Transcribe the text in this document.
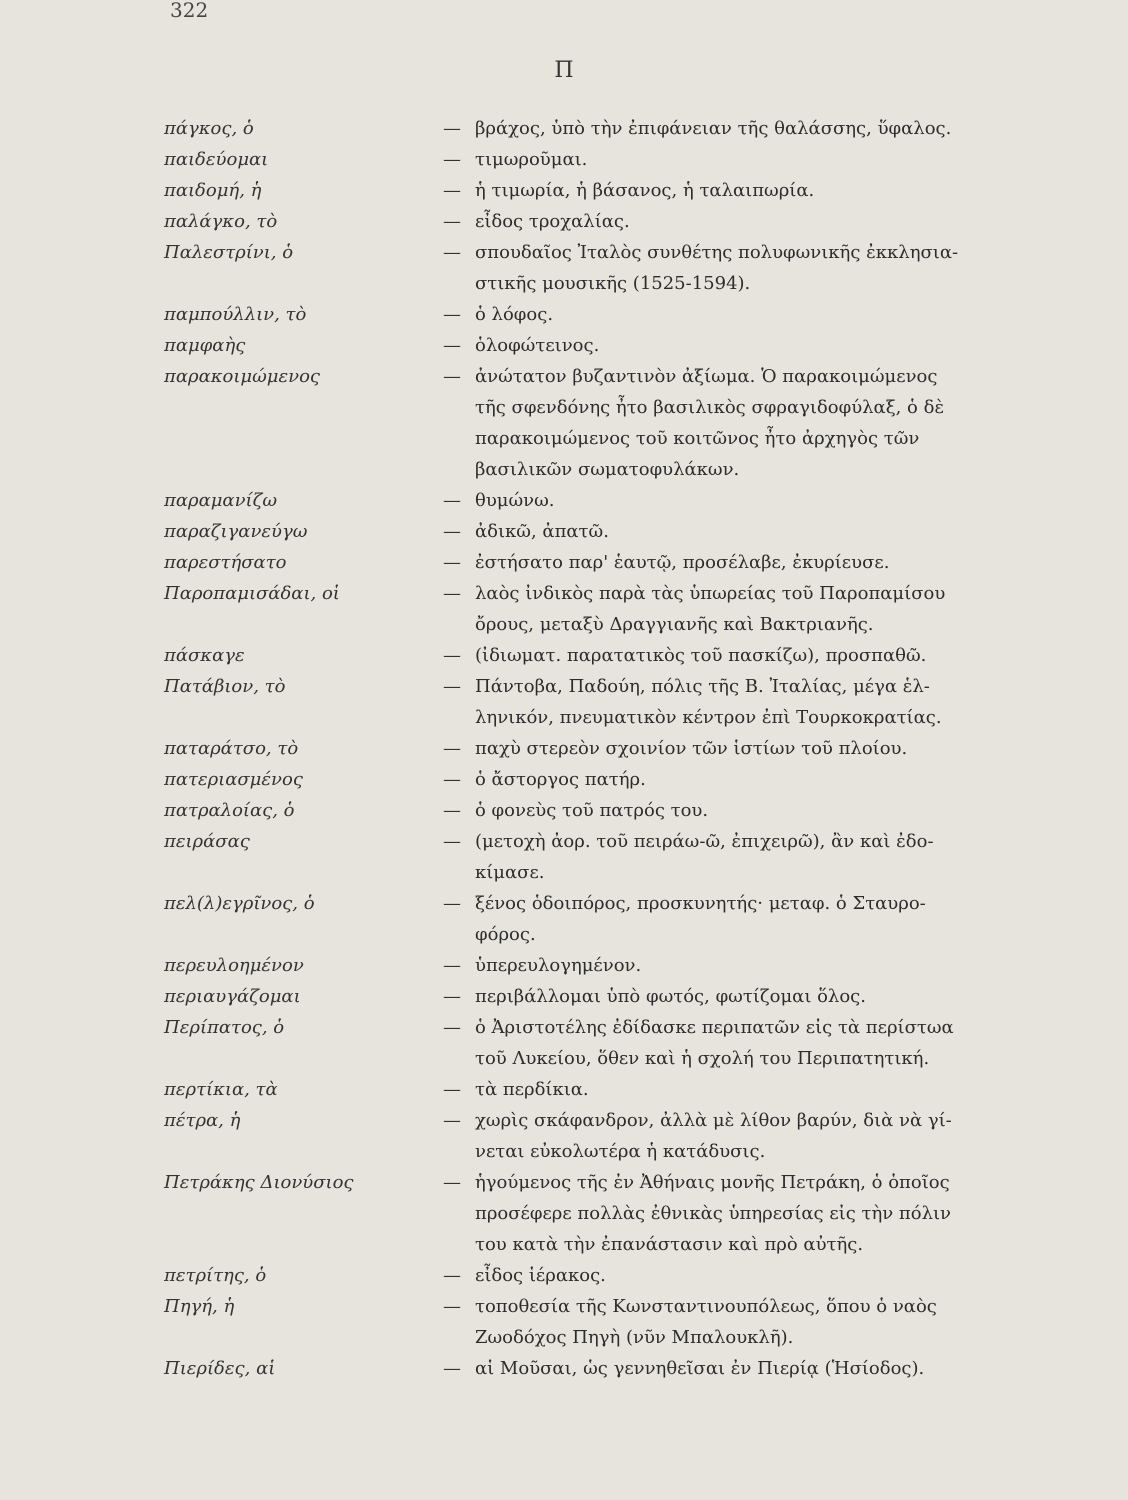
322
Π
πάγκος, ὁ	— βράχος, ὑπὸ τὴν ἐπιφάνειαν τῆς θαλάσσης, ὕφαλος.
παιδεύομαι	— τιμωροῦμαι.
παιδομή, ἡ	— ἡ τιμωρία, ἡ βάσανος, ἡ ταλαιπωρία.
παλάγκο, τὸ	— εἶδος τροχαλίας.
Παλεστρίνι, ὁ	— σπουδαῖος Ἰταλὸς συνθέτης πολυφωνικῆς ἐκκλησια-
στικῆς μουσικῆς (1525-1594).
παμπούλλιν, τὸ	— ὁ λόφος.
παμφαὴς	— ὁλοφώτεινος.
παρακοιμώμενος	— ἀνώτατον βυζαντινὸν ἀξίωμα. Ὁ παρακοιμώμενος
τῆς σφενδόνης ἦτο βασιλικὸς σφραγιδοφύλαξ, ὁ δὲ
παρακοιμώμενος τοῦ κοιτῶνος ἦτο ἀρχηγὸς τῶν
βασιλικῶν σωματοφυλάκων.
παραμανίζω	— θυμώνω.
παραζιγανεύγω	— ἀδικῶ, ἀπατῶ.
παρεστήσατο	— ἐστήσατο παρ' ἑαυτῷ, προσέλαβε, ἐκυρίευσε.
Παροπαμισάδαι, οἱ	— λαὸς ἰνδικὸς παρὰ τὰς ὑπωρείας τοῦ Παροπαμίσου
ὄρους, μεταξὺ Δραγγιανῆς καὶ Βακτριανῆς.
πάσκαγε	— (ἰδιωματ. παρατατικὸς τοῦ πασκίζω), προσπαθῶ.
Πατάβιον, τὸ	— Πάντοβα, Παδούη, πόλις τῆς Β. Ἰταλίας, μέγα ἑλ-
ληνικόν, πνευματικὸν κέντρον ἐπὶ Τουρκοκρατίας.
παταράτσο, τὸ	— παχὺ στερεὸν σχοινίον τῶν ἱστίων τοῦ πλοίου.
πατεριασμένος	— ὁ ἄστοργος πατήρ.
πατραλοίας, ὁ	— ὁ φονεὺς τοῦ πατρός του.
πειράσας	— (μετοχὴ ἀορ. τοῦ πειράω-ῶ, ἐπιχειρῶ), ἂν καὶ ἐδο-
κίμασε.
πελ(λ)εγρῖνος, ὁ	— ξένος ὁδοιπόρος, προσκυνητής· μεταφ. ὁ Σταυρο-
φόρος.
περευλοημένον	— ὑπερευλογημένον.
περιαυγάζομαι	— περιβάλλομαι ὑπὸ φωτός, φωτίζομαι ὅλος.
Περίπατος, ὁ	— ὁ Ἀριστοτέλης ἐδίδασκε περιπατῶν εἰς τὰ περίστωα
τοῦ Λυκείου, ὅθεν καὶ ἡ σχολή του Περιπατητική.
περτίκια, τὰ	— τὰ περδίκια.
πέτρα, ἡ	— χωρὶς σκάφανδρον, ἀλλὰ μὲ λίθον βαρύν, διὰ νὰ γί-
νεται εὐκολωτέρα ἡ κατάδυσις.
Πετράκης Διονύσιος	— ἡγούμενος τῆς ἐν Ἀθήναις μονῆς Πετράκη, ὁ ὁποῖος
προσέφερε πολλὰς ἐθνικὰς ὑπηρεσίας εἰς τὴν πόλιν
του κατὰ τὴν ἐπανάστασιν καὶ πρὸ αὐτῆς.
πετρίτης, ὁ	— εἶδος ἱέρακος.
Πηγή, ἡ	— τοποθεσία τῆς Κωνσταντινουπόλεως, ὅπου ὁ ναὸς
Ζωοδόχος Πηγὴ (νῦν Μπαλουκλῆ).
Πιερίδες, αἱ	— αἱ Μοῦσαι, ὡς γεννηθεῖσαι ἐν Πιερίᾳ (Ἡσίοδος).
